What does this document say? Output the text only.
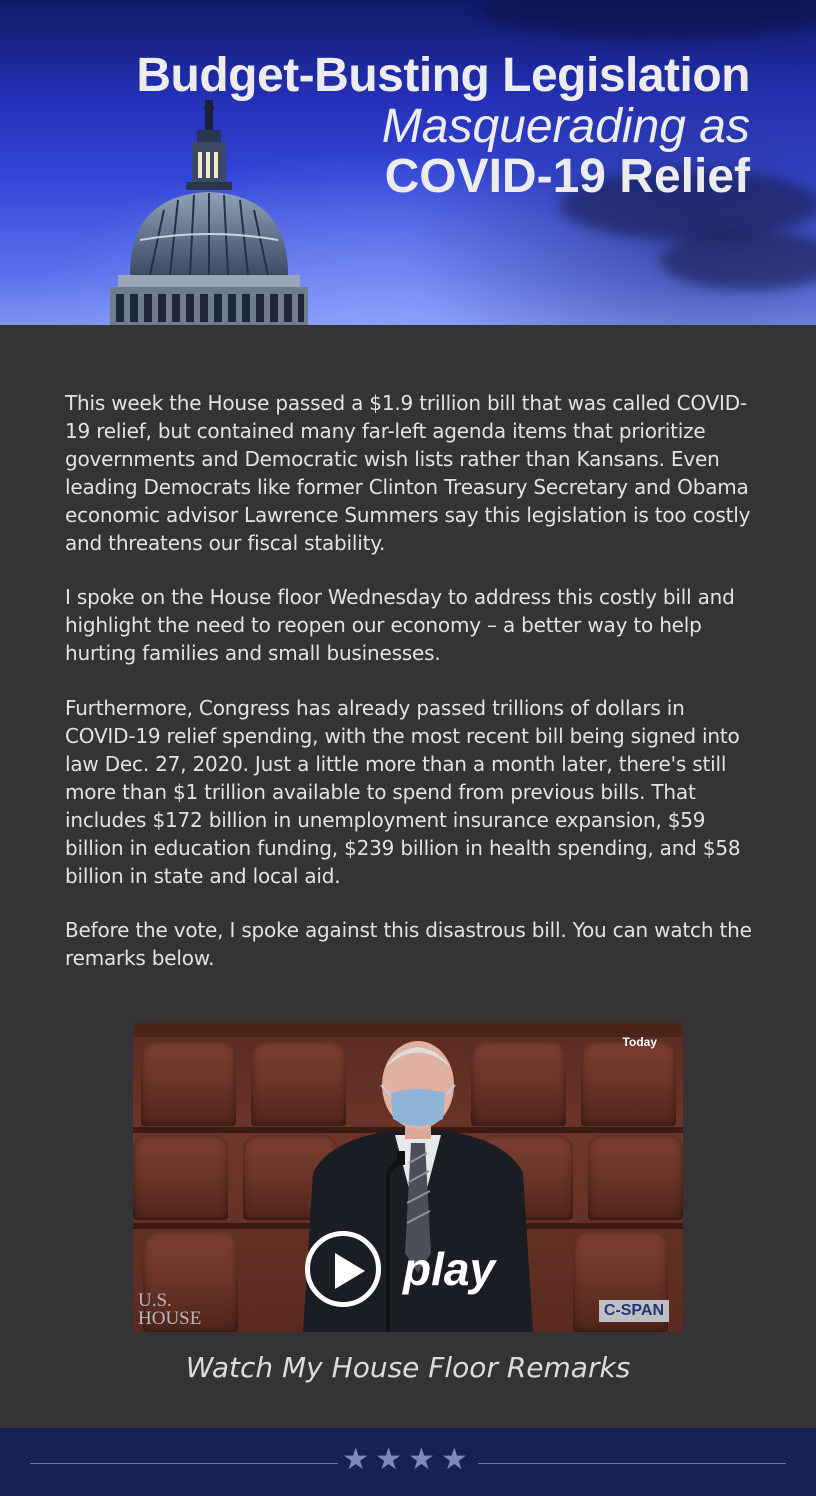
Budget-Busting Legislation
Masquerading as
COVID-19 Relief

This week the House passed a $1.9 trillion bill that was called COVID-19 relief, but contained many far-left agenda items that prioritize governments and Democratic wish lists rather than Kansans. Even leading Democrats like former Clinton Treasury Secretary and Obama economic advisor Lawrence Summers say this legislation is too costly and threatens our fiscal stability.

I spoke on the House floor Wednesday to address this costly bill and highlight the need to reopen our economy – a better way to help hurting families and small businesses.

Furthermore, Congress has already passed trillions of dollars in COVID-19 relief spending, with the most recent bill being signed into law Dec. 27, 2020. Just a little more than a month later, there's still more than $1 trillion available to spend from previous bills. That includes $172 billion in unemployment insurance expansion, $59 billion in education funding, $239 billion in health spending, and $58 billion in state and local aid.

Before the vote, I spoke against this disastrous bill. You can watch the remarks below.

Today
U.S.
HOUSE	C-SPAN
play
Watch My House Floor Remarks
★★★★
